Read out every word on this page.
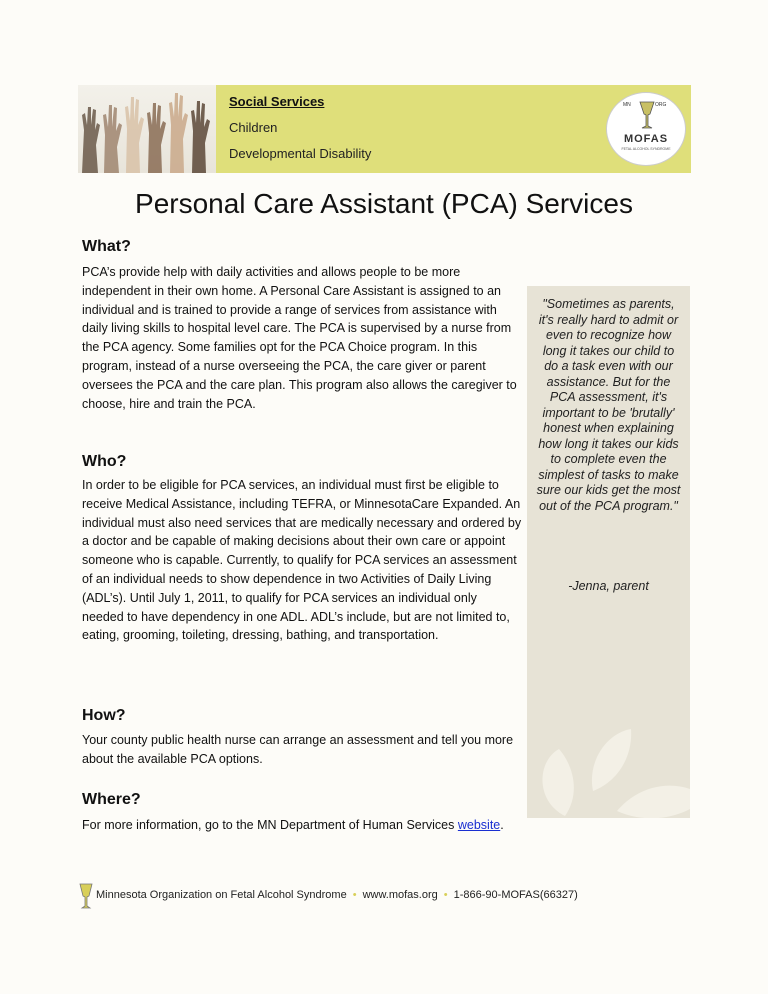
Social Services
Children
Developmental Disability
MN	ORG
MOFAS
FETAL ALCOHOL SYNDROME
Personal Care Assistant (PCA) Services
What?

PCA’s provide help with daily activities and allows people to be more independent in their own home. A Personal Care Assistant is assigned to an individual and is trained to provide a range of services from assistance with daily living skills to hospital level care. The PCA is supervised by a nurse from the PCA agency. Some families opt for the PCA Choice program. In this program, instead of a nurse overseeing the PCA, the care giver or parent oversees the PCA and the care plan. This program also allows the caregiver to choose, hire and train the PCA.

Who?

In order to be eligible for PCA services, an individual must first be eligible to receive Medical Assistance, including TEFRA, or MinnesotaCare Expanded. An individual must also need services that are medically necessary and ordered by a doctor and be capable of making decisions about their own care or appoint someone who is capable. Currently, to qualify for PCA services an assessment of an individual needs to show dependence in two Activities of Daily Living (ADL’s). Until July 1, 2011, to qualify for PCA services an individual only needed to have dependency in one ADL. ADL’s include, but are not limited to, eating, grooming, toileting, dressing, bathing, and transportation.

How?

Your county public health nurse can arrange an assessment and tell you more about the available PCA options.

Where?

For more information, go to the MN Department of Human Services website.

"Sometimes as parents, it's really hard to admit or even to recognize how long it takes our child to do a task even with our assistance. But for the PCA assessment, it's important to be 'brutally' honest when explaining how long it takes our kids to complete even the simplest of tasks to make sure our kids get the most out of the PCA program."
-Jenna, parent
Minnesota Organization on Fetal Alcohol Syndrome • www.mofas.org • 1-866-90-MOFAS(66327)
